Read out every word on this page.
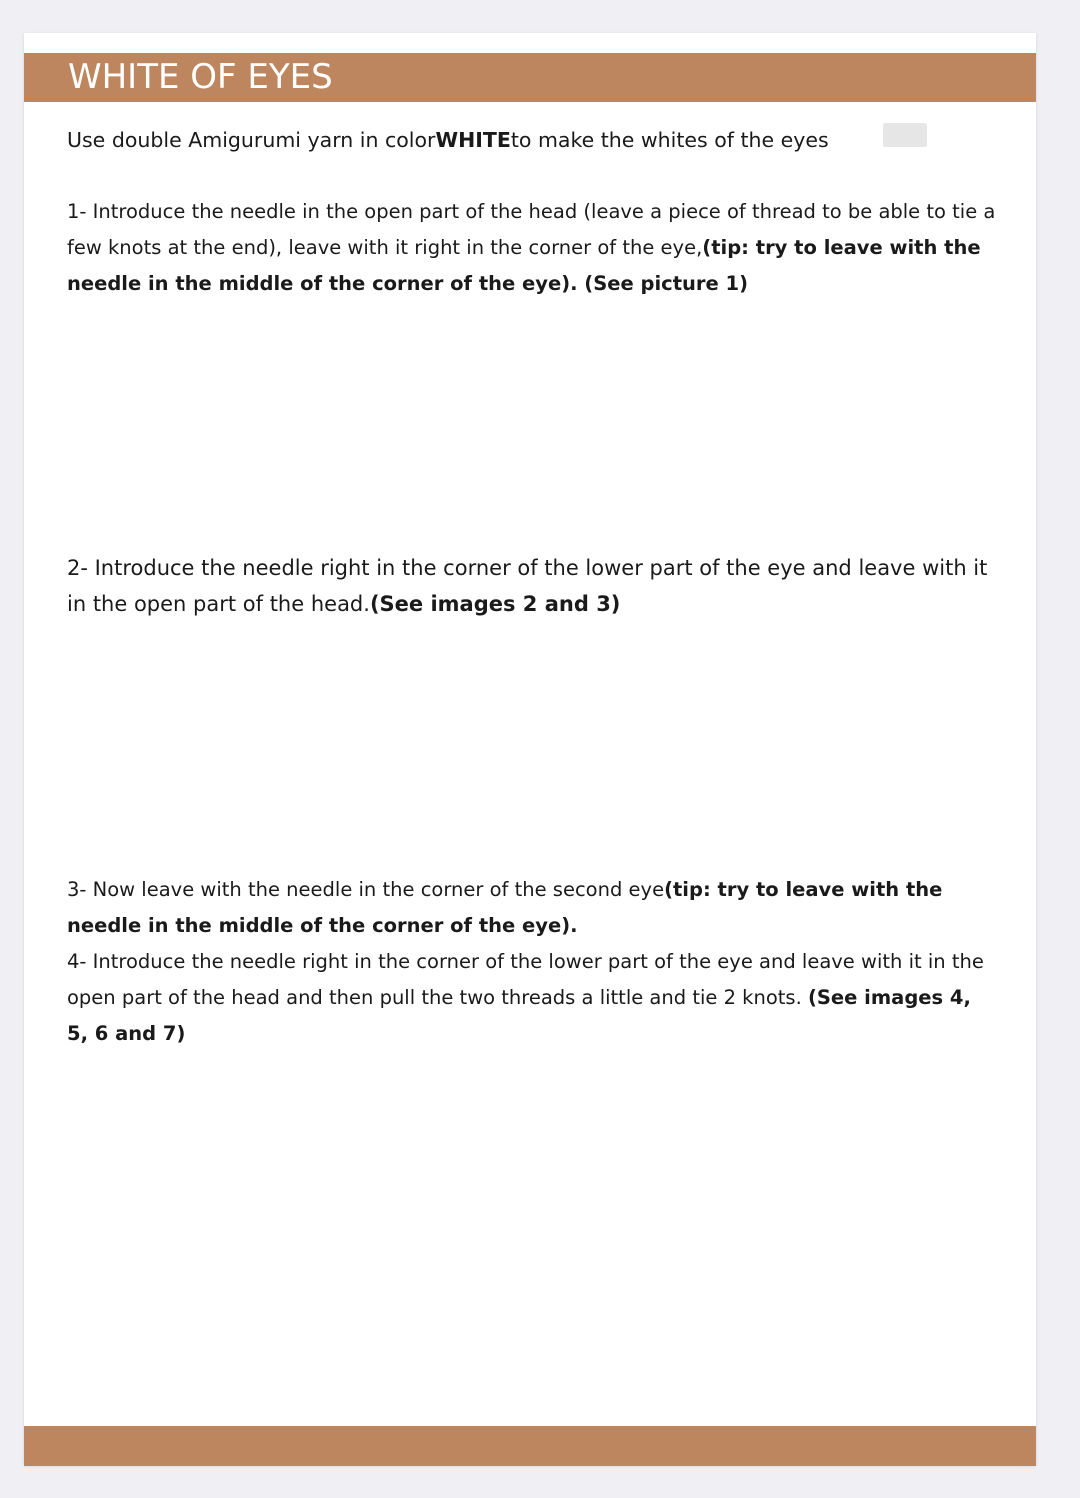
WHITE OF EYES
Use double Amigurumi yarn in colorWHITEto make the whites of the eyes
1- Introduce the needle in the open part of the head (leave a piece of thread to be able to tie a few knots at the end), leave with it right in the corner of the eye,(tip: try to leave with the needle in the middle of the corner of the eye). (See picture 1)
2- Introduce the needle right in the corner of the lower part of the eye and leave with it in the open part of the head.(See images 2 and 3)
3- Now leave with the needle in the corner of the second eye(tip: try to leave with the needle in the middle of the corner of the eye).
4- Introduce the needle right in the corner of the lower part of the eye and leave with it in the open part of the head and then pull the two threads a little and tie 2 knots. (See images 4, 5, 6 and 7)
